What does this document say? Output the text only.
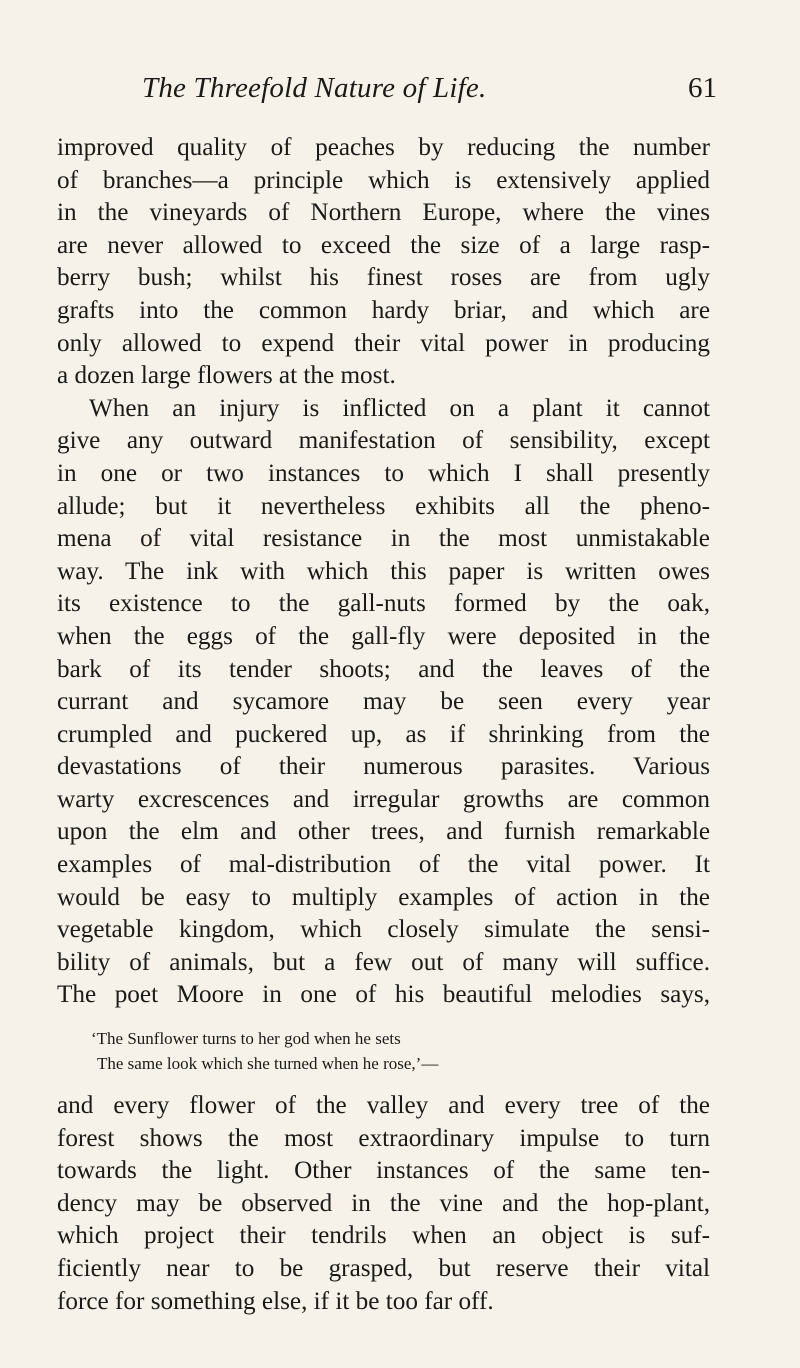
The Threefold Nature of Life.	61
improved quality of peaches by reducing the number
of branches—a principle which is extensively applied
in the vineyards of Northern Europe, where the vines
are never allowed to exceed the size of a large rasp-
berry bush; whilst his finest roses are from ugly
grafts into the common hardy briar, and which are
only allowed to expend their vital power in producing
a dozen large flowers at the most.
When an injury is inflicted on a plant it cannot
give any outward manifestation of sensibility, except
in one or two instances to which I shall presently
allude; but it nevertheless exhibits all the pheno-
mena of vital resistance in the most unmistakable
way. The ink with which this paper is written owes
its existence to the gall-nuts formed by the oak,
when the eggs of the gall-fly were deposited in the
bark of its tender shoots; and the leaves of the
currant and sycamore may be seen every year
crumpled and puckered up, as if shrinking from the
devastations of their numerous parasites. Various
warty excrescences and irregular growths are common
upon the elm and other trees, and furnish remarkable
examples of mal-distribution of the vital power. It
would be easy to multiply examples of action in the
vegetable kingdom, which closely simulate the sensi-
bility of animals, but a few out of many will suffice.
The poet Moore in one of his beautiful melodies says,
‘The Sunflower turns to her god when he sets
The same look which she turned when he rose,’—
and every flower of the valley and every tree of the
forest shows the most extraordinary impulse to turn
towards the light. Other instances of the same ten-
dency may be observed in the vine and the hop-plant,
which project their tendrils when an object is suf-
ficiently near to be grasped, but reserve their vital
force for something else, if it be too far off.
